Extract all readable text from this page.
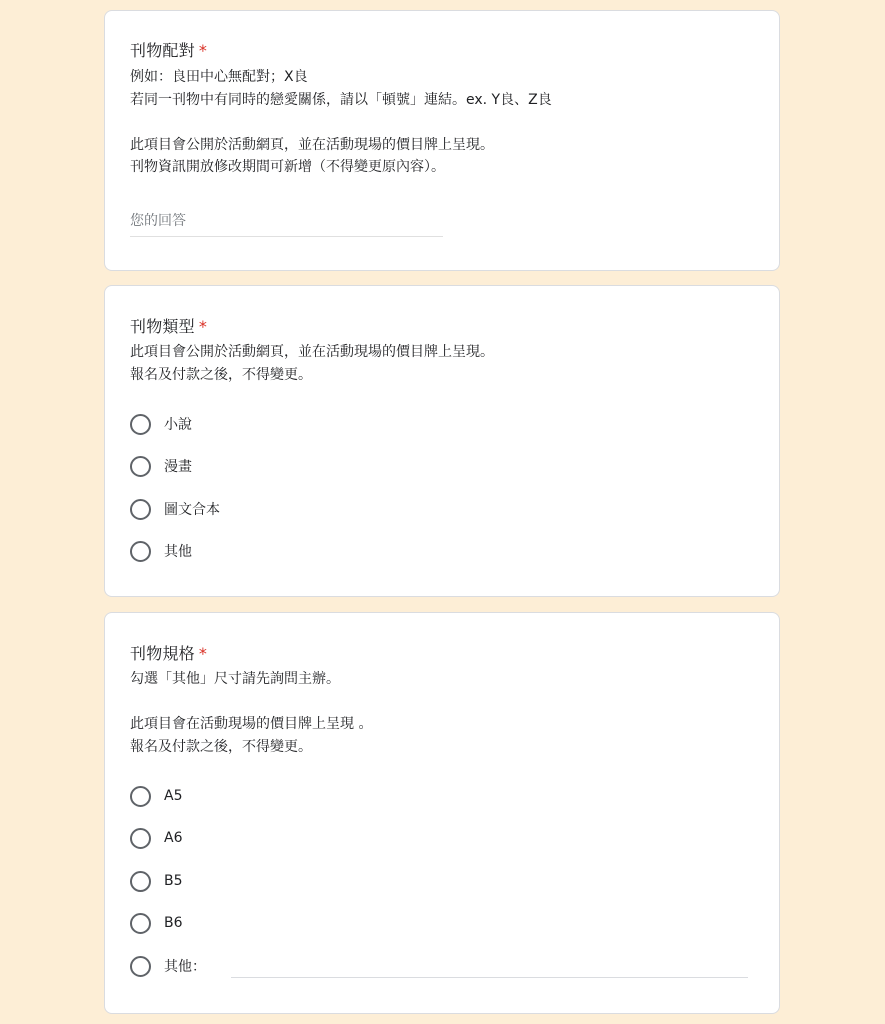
刊物配對 *
例如：良田中心無配對；X良
若同一刊物中有同時的戀愛關係，請以「頓號」連結。ex. Y良、Z良
此項目會公開於活動網頁，並在活動現場的價目牌上呈現。
刊物資訊開放修改期間可新增（不得變更原內容）。
您的回答
刊物類型 *
此項目會公開於活動網頁，並在活動現場的價目牌上呈現。
報名及付款之後，不得變更。
小說
漫畫
圖文合本
其他
刊物規格 *
勾選「其他」尺寸請先詢問主辦。
此項目會在活動現場的價目牌上呈現 。
報名及付款之後，不得變更。
A5
A6
B5
B6
其他：
